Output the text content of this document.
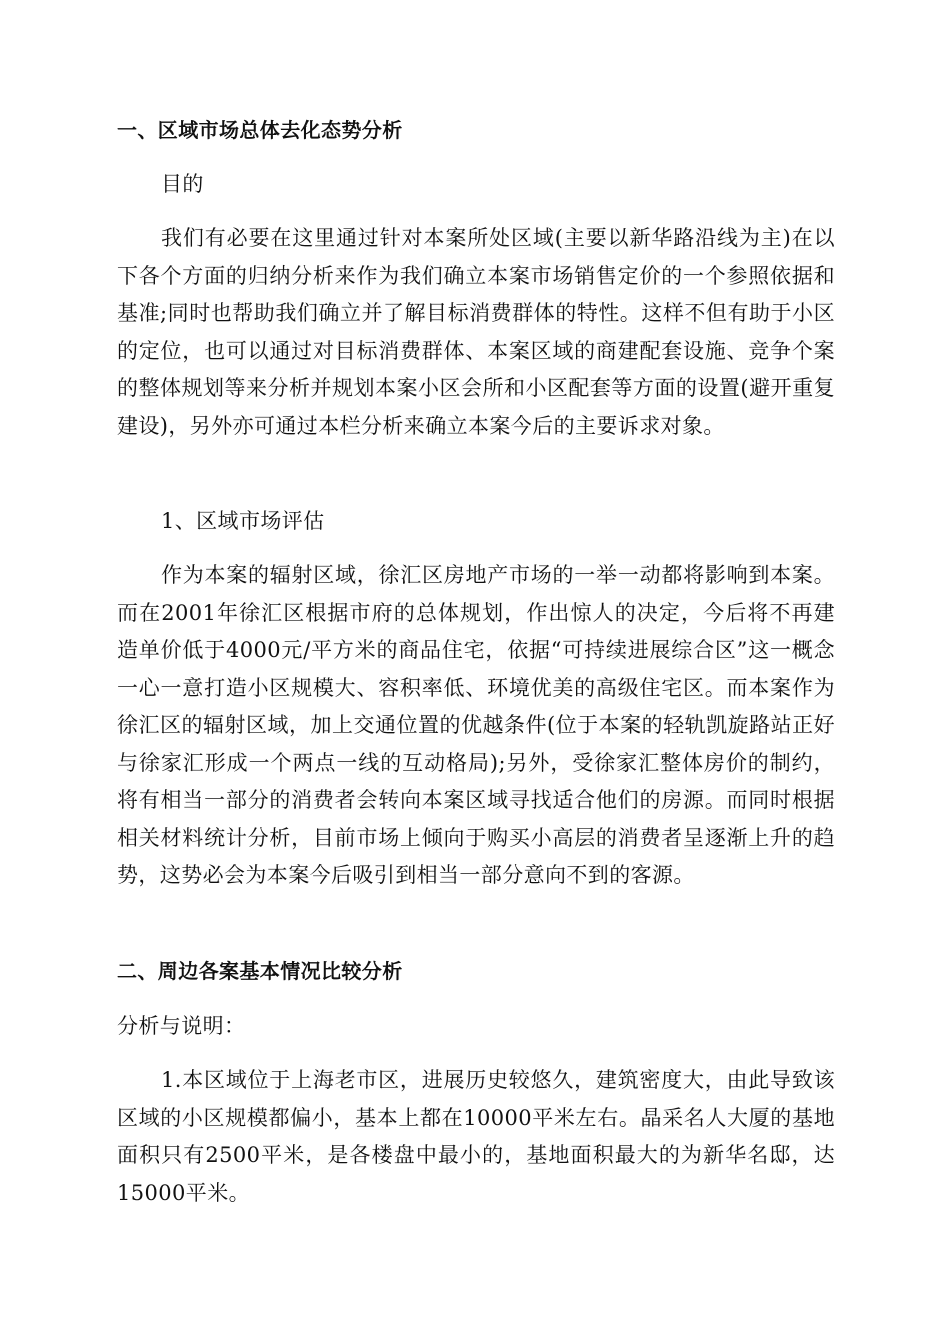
一、区域市场总体去化态势分析

目的

我们有必要在这里通过针对本案所处区域(主要以新华路沿线为主)在以下各个方面的归纳分析来作为我们确立本案市场销售定价的一个参照依据和基准;同时也帮助我们确立并了解目标消费群体的特性。这样不但有助于小区的定位，也可以通过对目标消费群体、本案区域的商建配套设施、竞争个案的整体规划等来分析并规划本案小区会所和小区配套等方面的设置(避开重复建设)，另外亦可通过本栏分析来确立本案今后的主要诉求对象。

1、区域市场评估

作为本案的辐射区域，徐汇区房地产市场的一举一动都将影响到本案。而在2001年徐汇区根据市府的总体规划，作出惊人的决定，今后将不再建造单价低于4000元/平方米的商品住宅，依据“可持续进展综合区”这一概念一心一意打造小区规模大、容积率低、环境优美的高级住宅区。而本案作为徐汇区的辐射区域，加上交通位置的优越条件(位于本案的轻轨凯旋路站正好与徐家汇形成一个两点一线的互动格局);另外，受徐家汇整体房价的制约，将有相当一部分的消费者会转向本案区域寻找适合他们的房源。而同时根据相关材料统计分析，目前市场上倾向于购买小高层的消费者呈逐渐上升的趋势，这势必会为本案今后吸引到相当一部分意向不到的客源。

二、周边各案基本情况比较分析

分析与说明：

1.本区域位于上海老市区，进展历史较悠久，建筑密度大，由此导致该区域的小区规模都偏小，基本上都在10000平米左右。晶采名人大厦的基地面积只有2500平米，是各楼盘中最小的，基地面积最大的为新华名邸，达15000平米。
